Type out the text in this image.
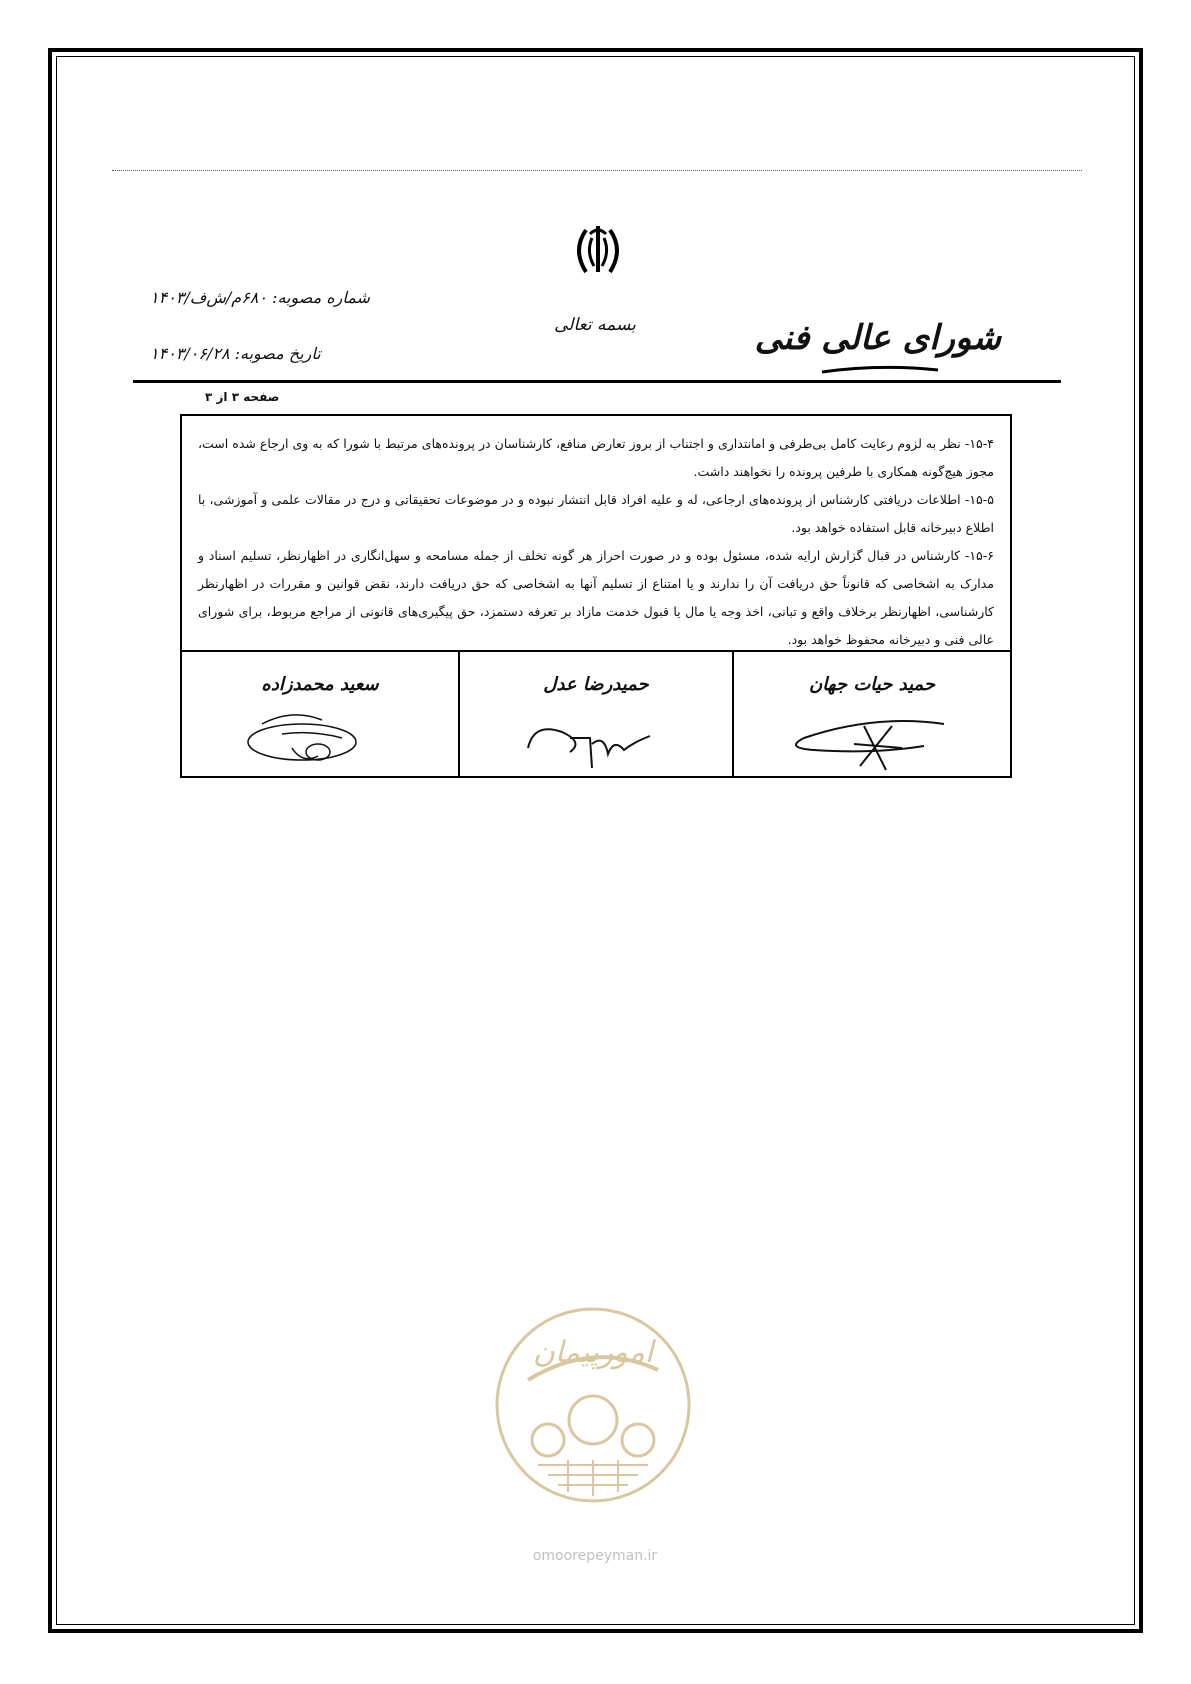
بسمه تعالی	شورای عالی فنی
شماره مصوبه: ۶۸۰م/ش‌ف/۱۴۰۳
تاریخ مصوبه: ۱۴۰۳/۰۶/۲۸
صفحه ۳ از ۳

۱۵-۴- نظر به لزوم رعایت کامل بی‌طرفی و امانتداری و اجتناب از بروز تعارض منافع، کارشناسان در پرونده‌های مرتبط با شورا که به وی ارجاع شده است، مجوز هیچ‌گونه همکاری با طرفین پرونده را نخواهند داشت.

۱۵-۵- اطلاعات دریافتی کارشناس از پرونده‌های ارجاعی، له و علیه افراد قابل انتشار نبوده و در موضوعات تحقیقاتی و درج در مقالات علمی و آموزشی، با اطلاع دبیرخانه قابل استفاده خواهد بود.

۱۵-۶- کارشناس در قبال گزارش ارایه شده، مسئول بوده و در صورت احراز هر گونه تخلف از جمله مسامحه و سهل‌انگاری در اظهارنظر، تسلیم اسناد و مدارک به اشخاصی که قانوناً حق دریافت آن را ندارند و یا امتناع از تسلیم آنها به اشخاصی که حق دریافت دارند، نقض قوانین و مقررات در اظهارنظر کارشناسی، اظهارنظر برخلاف واقع و تبانی، اخذ وجه یا مال یا قبول خدمت مازاد بر تعرفه دستمزد، حق پیگیری‌های قانونی از مراجع مربوط، برای شورای عالی فنی و دبیرخانه محفوظ خواهد بود.

حمید حیات جهان
حمیدرضا عدل
سعید محمدزاده
امورپیمان
omoorepeyman.ir
